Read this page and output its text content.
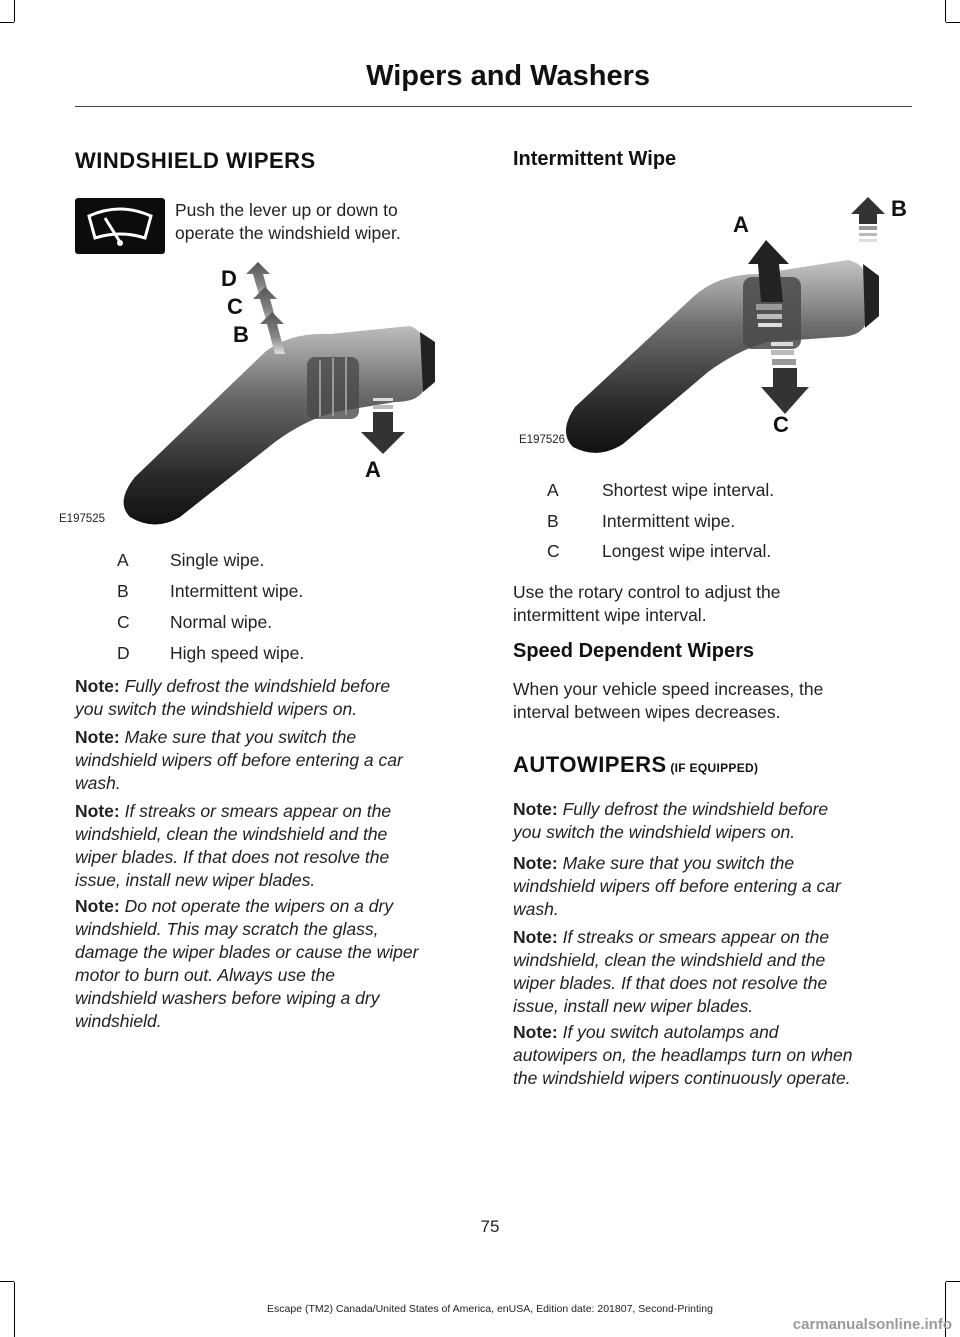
Wipers and Washers
WINDSHIELD WIPERS
Push the lever up or down to
operate the windshield wiper.
D
C
B
A
E197525
A	Single wipe.
B	Intermittent wipe.
C	Normal wipe.
D	High speed wipe.
Note: Fully defrost the windshield before
you switch the windshield wipers on.
Note: Make sure that you switch the
windshield wipers off before entering a car
wash.
Note: If streaks or smears appear on the
windshield, clean the windshield and the
wiper blades. If that does not resolve the
issue, install new wiper blades.
Note: Do not operate the wipers on a dry
windshield. This may scratch the glass,
damage the wiper blades or cause the wiper
motor to burn out. Always use the
windshield washers before wiping a dry
windshield.
Intermittent Wipe
A
B
C
E197526
A	Shortest wipe interval.
B	Intermittent wipe.
C	Longest wipe interval.
Use the rotary control to adjust the
intermittent wipe interval.
Speed Dependent Wipers
When your vehicle speed increases, the
interval between wipes decreases.
AUTOWIPERS (IF EQUIPPED)
Note: Fully defrost the windshield before
you switch the windshield wipers on.
Note: Make sure that you switch the
windshield wipers off before entering a car
wash.
Note: If streaks or smears appear on the
windshield, clean the windshield and the
wiper blades. If that does not resolve the
issue, install new wiper blades.
Note: If you switch autolamps and
autowipers on, the headlamps turn on when
the windshield wipers continuously operate.
75
Escape (TM2) Canada/United States of America, enUSA, Edition date: 201807, Second-Printing
carmanualsonline.info
